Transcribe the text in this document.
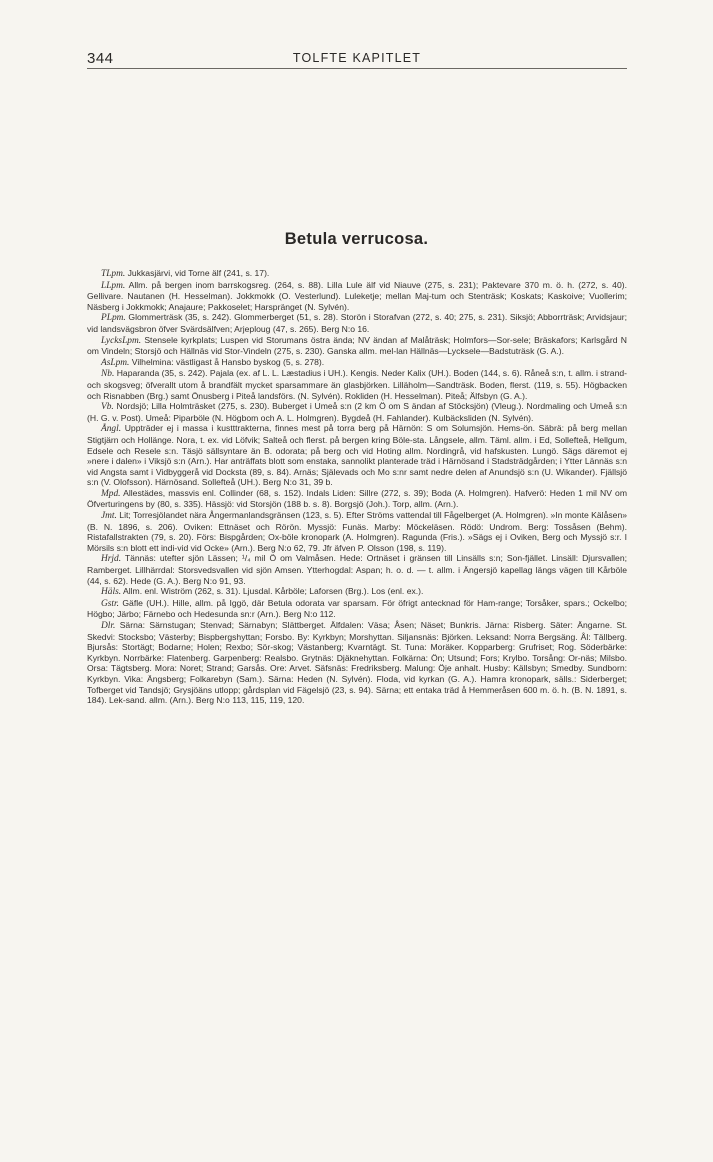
344	TOLFTE KAPITLET
Betula verrucosa.

TLpm. Jukkasjärvi, vid Torne älf (241, s. 17).

LLpm. Allm. på bergen inom barrskogsreg. (264, s. 88). Lilla Lule älf vid Niauve (275, s. 231); Paktevare 370 m. ö. h. (272, s. 40). Gellivare. Nautanen (H. Hesselman). Jokkmokk (O. Vesterlund). Luleketje; mellan Maj-tum och Stenträsk; Koskats; Kaskoive; Vuollerim; Näsberg i Jokkmokk; Anajaure; Pakkoselet; Harspränget (N. Sylvén).

PLpm. Glommerträsk (35, s. 242). Glommerberget (51, s. 28). Storön i Storafvan (272, s. 40; 275, s. 231). Siksjö; Abborrträsk; Arvidsjaur; vid landsvägsbron öfver Svärdsälfven; Arjeploug (47, s. 265). Berg N:o 16.

LycksLpm. Stensele kyrkplats; Luspen vid Storumans östra ända; NV ändan af Malåträsk; Holmfors—Sor-sele; Bräskafors; Karlsgård N om Vindeln; Storsjö och Hällnäs vid Stor-Vindeln (275, s. 230). Ganska allm. mel-lan Hällnäs—Lycksele—Badstuträsk (G. A.).

AsLpm. Vilhelmina: västligast å Hansbo byskog (5, s. 278).

Nb. Haparanda (35, s. 242). Pajala (ex. af L. L. Læstadius i UH.). Kengis. Neder Kalix (UH.). Boden (144, s. 6). Råneå s:n, t. allm. i strand- och skogsveg; öfverallt utom å brandfält mycket sparsammare än glasbjörken. Lilläholm—Sandträsk. Boden, flerst. (119, s. 55). Högbacken och Risnabben (Brg.) samt Önusberg i Piteå landsförs. (N. Sylvén). Rokliden (H. Hesselman). Piteå; Älfsbyn (G. A.).

Vb. Nordsjö; Lilla Holmträsket (275, s. 230). Buberget i Umeå s:n (2 km Ö om S ändan af Stöcksjön) (Vleug.). Nordmaling och Umeå s:n (H. G. v. Post). Umeå: Piparböle (N. Högbom och A. L. Holmgren). Bygdeå (H. Fahlander). Kulbäcksliden (N. Sylvén).

Ångl. Uppträder ej i massa i kustttrakterna, finnes mest på torra berg på Härnön: S om Solumsjön. Hems-ön. Säbrä: på berg mellan Stigtjärn och Hollänge. Nora, t. ex. vid Löfvik; Salteå och flerst. på bergen kring Böle-sta. Långsele, allm. Täml. allm. i Ed, Sollefteå, Hellgum, Edsele och Resele s:n. Täsjö sällsyntare än B. odorata; på berg och vid Hoting allm. Nordingrå, vid hafskusten. Lungö. Sägs däremot ej »nere i dalen» i Viksjö s:n (Arn.). Har anträffats blott som enstaka, sannolikt planterade träd i Härnösand i Stadsträdgården; i Ytter Lännäs s:n vid Angsta samt i Vidbyggerå vid Docksta (89, s. 84). Arnäs; Själevads och Mo s:nr samt nedre delen af Anundsjö s:n (U. Wikander). Fjällsjö s:n (V. Olofsson). Härnösand. Sollefteå (UH.). Berg N:o 31, 39 b.

Mpd. Allestädes, massvis enl. Collinder (68, s. 152). Indals Liden: Sillre (272, s. 39); Boda (A. Holmgren). Hafverö: Heden 1 mil NV om Öfverturingens by (80, s. 335). Hässjö: vid Storsjön (188 b. s. 8). Borgsjö (Joh.). Torp, allm. (Arn.).

Jmt. Lit; Torresjölandet nära Ångermanlandsgränsen (123, s. 5). Efter Ströms vattendal till Fågelberget (A. Holmgren). »In monte Kälåsen» (B. N. 1896, s. 206). Oviken: Ettnäset och Rörön. Myssjö: Funäs. Marby: Möckeläsen. Rödö: Undrom. Berg: Tossåsen (Behm). Ristafallstrakten (79, s. 20). Förs: Bispgården; Ox-böle kronopark (A. Holmgren). Ragunda (Fris.). »Sägs ej i Oviken, Berg och Myssjö s:r. I Mörsils s:n blott ett indi-vid vid Ocke» (Arn.). Berg N:o 62, 79. Jfr äfven P. Olsson (198, s. 119).

Hrjd. Tännäs: utefter sjön Lässen; ¹/₄ mil Ö om Valmåsen. Hede: Ortnäset i gränsen till Linsälls s:n; Son-fjället. Linsäll: Djursvallen; Ramberget. Lillhärrdal: Storsvedsvallen vid sjön Amsen. Ytterhogdal: Aspan; h. o. d. — t. allm. i Ängersjö kapellag längs vägen till Kårböle (44, s. 62). Hede (G. A.). Berg N:o 91, 93.

Häls. Allm. enl. Wiström (262, s. 31). Ljusdal. Kårböle; Laforsen (Brg.). Los (enl. ex.).

Gstr. Gäfle (UH.). Hille, allm. på Iggö, där Betula odorata var sparsam. För öfrigt antecknad för Ham-range; Torsåker, spars.; Ockelbo; Högbo; Järbo; Färnebo och Hedesunda sn:r (Arn.). Berg N:o 112.

Dlr. Särna: Särnstugan; Stenvad; Särnabyn; Slättberget. Älfdalen: Väsa; Åsen; Näset; Bunkris. Järna: Risberg. Säter: Ängarne. St. Skedvi: Stocksbo; Västerby; Bispbergshyttan; Forsbo. By: Kyrkbyn; Morshyttan. Siljansnäs: Björken. Leksand: Norra Bergsäng. Ål: Tällberg. Bjursås: Stortägt; Bodarne; Holen; Rexbo; Sör-skog; Västanberg; Kvarntägt. St. Tuna: Moräker. Kopparberg: Grufriset; Rog. Söderbärke: Kyrkbyn. Norrbärke: Flatenberg. Garpenberg: Realsbo. Grytnäs: Djäknehyttan. Folkärna: Ön; Utsund; Fors; Krylbo. Torsång: Or-näs; Milsbo. Orsa: Tägtsberg. Mora: Noret; Strand; Garsås. Ore: Arvet. Säfsnäs: Fredriksberg. Malung: Öje anhalt. Husby: Källsbyn; Smedby. Sundborn: Kyrkbyn. Vika: Ängsberg; Folkarebyn (Sam.). Särna: Heden (N. Sylvén). Floda, vid kyrkan (G. A.). Hamra kronopark, sälls.: Siderberget; Tofberget vid Tandsjö; Grysjöäns utlopp; gårdsplan vid Fägelsjö (23, s. 94). Särna; ett entaka träd å Hemmeråsen 600 m. ö. h. (B. N. 1891, s. 184). Lek-sand. allm. (Arn.). Berg N:o 113, 115, 119, 120.
